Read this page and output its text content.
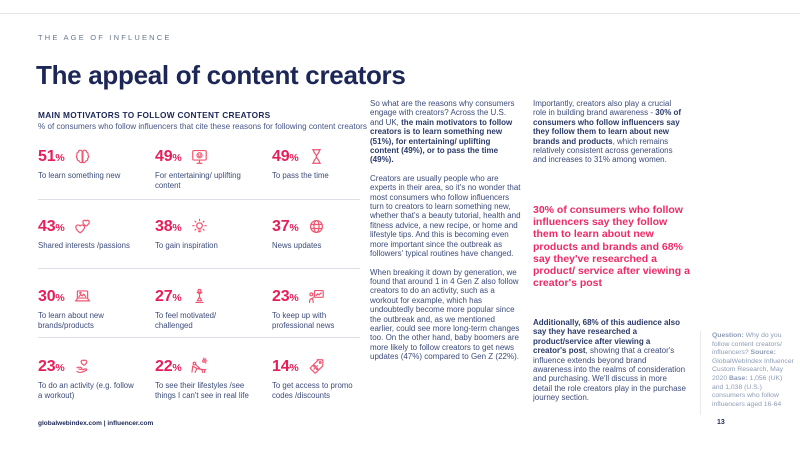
THE AGE OF INFLUENCE
The appeal of content creators
MAIN MOTIVATORS TO FOLLOW CONTENT CREATORS
% of consumers who follow influencers that cite these reasons for following content creators
51%
To learn something new
49%
For entertaining/ uplifting content
49%
To pass the time
43%
Shared interests /passions
38%
To gain inspiration
37%
News updates
30%
To learn about new brands/products
27%
To feel motivated/ challenged
23%
To keep up with professional news
23%
To do an activity (e.g. follow a workout)
22%
To see their lifestyles /see things I can't see in real life
14%
To get access to promo codes /discounts

So what are the reasons why consumers engage with creators? Across the U.S. and UK, the main motivators to follow creators is to learn something new (51%), for entertaining/ uplifting content (49%), or to pass the time (49%).

Creators are usually people who are experts in their area, so it's no wonder that most consumers who follow influencers turn to creators to learn something new, whether that's a beauty tutorial, health and fitness advice, a new recipe, or home and lifestyle tips. And this is becoming even more important since the outbreak as followers' typical routines have changed.

When breaking it down by generation, we found that around 1 in 4 Gen Z also follow creators to do an activity, such as a workout for example, which has undoubtedly become more popular since the outbreak and, as we mentioned earlier, could see more long-term changes too. On the other hand, baby boomers are more likely to follow creators to get news updates (47%) compared to Gen Z (22%).

Importantly, creators also play a crucial role in building brand awareness - 30% of consumers who follow influencers say they follow them to learn about new brands and products, which remains relatively consistent across generations and increases to 31% among women.

30% of consumers who follow influencers say they follow them to learn about new products and brands and 68% say they've researched a product/ service after viewing a creator's post

Additionally, 68% of this audience also say they have researched a product/service after viewing a creator's post, showing that a creator's influence extends beyond brand awareness into the realms of consideration and purchasing. We'll discuss in more detail the role creators play in the purchase journey section.

Question: Why do you follow content creators/ influencers? Source: GlobalWebIndex Influencer Custom Research, May 2020 Base: 1,056 (UK) and 1,038 (U.S.) consumers who follow influencers aged 16-64
globalwebindex.com | influencer.com	13
